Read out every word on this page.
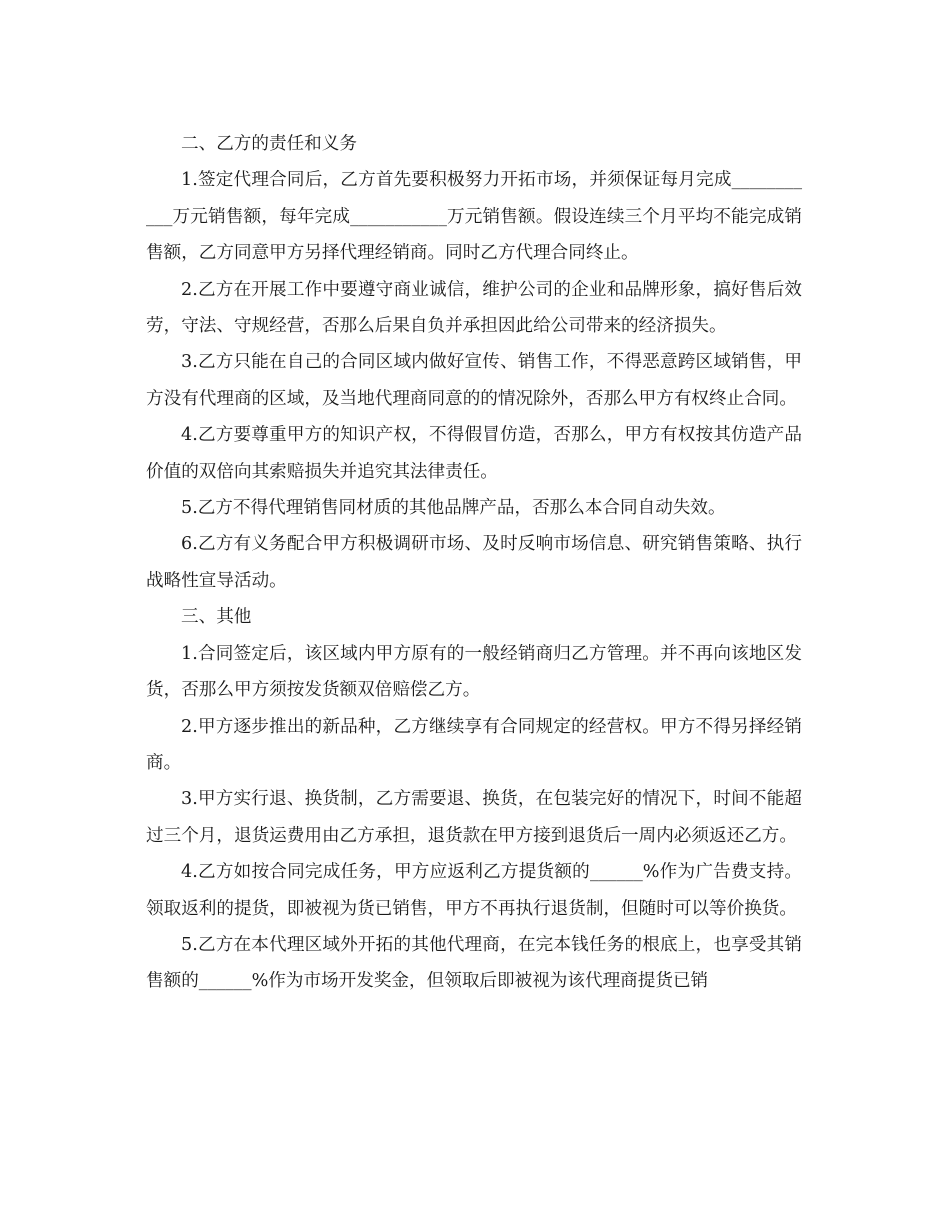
二、乙方的责任和义务

1.签定代理合同后，乙方首先要积极努力开拓市场，并须保证每月完成___________万元销售额，每年完成___________万元销售额。假设连续三个月平均不能完成销售额，乙方同意甲方另择代理经销商。同时乙方代理合同终止。

2.乙方在开展工作中要遵守商业诚信，维护公司的企业和品牌形象，搞好售后效劳，守法、守规经营，否那么后果自负并承担因此给公司带来的经济损失。

3.乙方只能在自己的合同区域内做好宣传、销售工作，不得恶意跨区域销售，甲方没有代理商的区域，及当地代理商同意的的情况除外，否那么甲方有权终止合同。

4.乙方要尊重甲方的知识产权，不得假冒仿造，否那么，甲方有权按其仿造产品价值的双倍向其索赔损失并追究其法律责任。

5.乙方不得代理销售同材质的其他品牌产品，否那么本合同自动失效。

6.乙方有义务配合甲方积极调研市场、及时反响市场信息、研究销售策略、执行战略性宣导活动。

三、其他

1.合同签定后，该区域内甲方原有的一般经销商归乙方管理。并不再向该地区发货，否那么甲方须按发货额双倍赔偿乙方。

2.甲方逐步推出的新品种，乙方继续享有合同规定的经营权。甲方不得另择经销商。

3.甲方实行退、换货制，乙方需要退、换货，在包装完好的情况下，时间不能超过三个月，退货运费用由乙方承担，退货款在甲方接到退货后一周内必须返还乙方。

4.乙方如按合同完成任务，甲方应返利乙方提货额的______%作为广告费支持。领取返利的提货，即被视为货已销售，甲方不再执行退货制，但随时可以等价换货。

5.乙方在本代理区域外开拓的其他代理商，在完本钱任务的根底上，也享受其销售额的______%作为市场开发奖金，但领取后即被视为该代理商提货已销
